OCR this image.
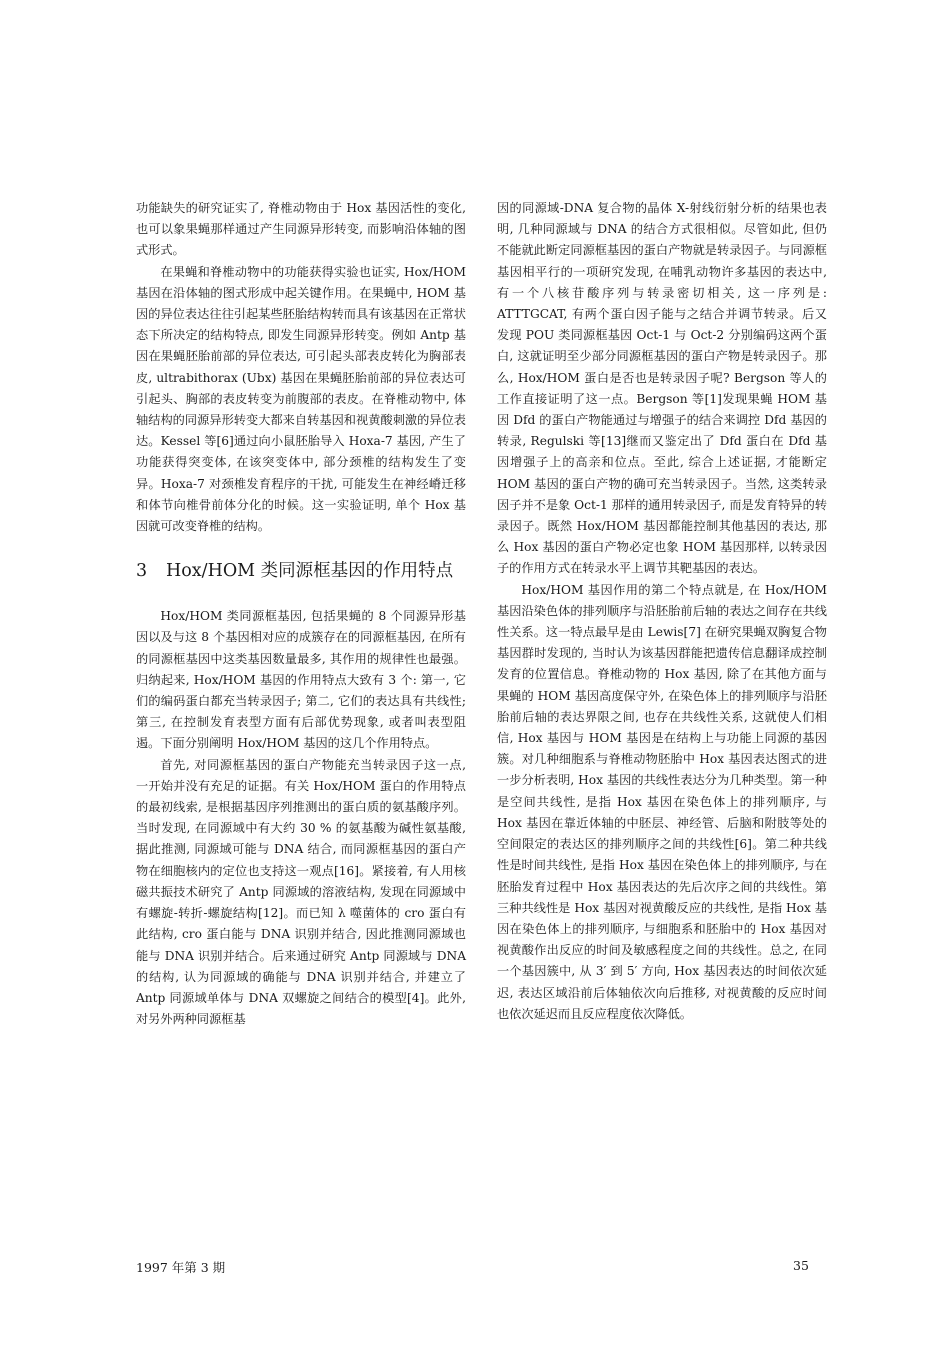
功能缺失的研究证实了, 脊椎动物由于 Hox 基因活性的变化, 也可以象果蝇那样通过产生同源异形转变, 而影响沿体轴的图式形式。

在果蝇和脊椎动物中的功能获得实验也证实, Hox/HOM 基因在沿体轴的图式形成中起关键作用。在果蝇中, HOM 基因的异位表达往往引起某些胚胎结构转而具有该基因在正常状态下所决定的结构特点, 即发生同源异形转变。例如 Antp 基因在果蝇胚胎前部的异位表达, 可引起头部表皮转化为胸部表皮, ultrabithorax (Ubx) 基因在果蝇胚胎前部的异位表达可引起头、胸部的表皮转变为前腹部的表皮。在脊椎动物中, 体轴结构的同源异形转变大都来自转基因和视黄酸刺激的异位表达。Kessel 等[6]通过向小鼠胚胎导入 Hoxa-7 基因, 产生了功能获得突变体, 在该突变体中, 部分颈椎的结构发生了变异。Hoxa-7 对颈椎发育程序的干扰, 可能发生在神经嵴迁移和体节向椎骨前体分化的时候。这一实验证明, 单个 Hox 基因就可改变脊椎的结构。

3	Hox/HOM 类同源框基因的作用特点

Hox/HOM 类同源框基因, 包括果蝇的 8 个同源异形基因以及与这 8 个基因相对应的成簇存在的同源框基因, 在所有的同源框基因中这类基因数量最多, 其作用的规律性也最强。归纳起来, Hox/HOM 基因的作用特点大致有 3 个: 第一, 它们的编码蛋白都充当转录因子; 第二, 它们的表达具有共线性; 第三, 在控制发育表型方面有后部优势现象, 或者叫表型阻遏。下面分别阐明 Hox/HOM 基因的这几个作用特点。

首先, 对同源框基因的蛋白产物能充当转录因子这一点, 一开始并没有充足的证据。有关 Hox/HOM 蛋白的作用特点的最初线索, 是根据基因序列推测出的蛋白质的氨基酸序列。当时发现, 在同源域中有大约 30 % 的氨基酸为碱性氨基酸, 据此推测, 同源域可能与 DNA 结合, 而同源框基因的蛋白产物在细胞核内的定位也支持这一观点[16]。紧接着, 有人用核磁共振技术研究了 Antp 同源域的溶液结构, 发现在同源域中有螺旋-转折-螺旋结构[12]。而已知 λ 噬菌体的 cro 蛋白有此结构, cro 蛋白能与 DNA 识别并结合, 因此推测同源域也能与 DNA 识别并结合。后来通过研究 Antp 同源域与 DNA 的结构, 认为同源域的确能与 DNA 识别并结合, 并建立了 Antp 同源域单体与 DNA 双螺旋之间结合的模型[4]。此外, 对另外两种同源框基

因的同源域-DNA 复合物的晶体 X-射线衍射分析的结果也表明, 几种同源域与 DNA 的结合方式很相似。尽管如此, 但仍不能就此断定同源框基因的蛋白产物就是转录因子。与同源框基因相平行的一项研究发现, 在哺乳动物许多基因的表达中, 有一个八核苷酸序列与转录密切相关, 这一序列是: ATTTGCAT, 有两个蛋白因子能与之结合并调节转录。后又发现 POU 类同源框基因 Oct-1 与 Oct-2 分别编码这两个蛋白, 这就证明至少部分同源框基因的蛋白产物是转录因子。那么, Hox/HOM 蛋白是否也是转录因子呢? Bergson 等人的工作直接证明了这一点。Bergson 等[1]发现果蝇 HOM 基因 Dfd 的蛋白产物能通过与增强子的结合来调控 Dfd 基因的转录, Regulski 等[13]继而又鉴定出了 Dfd 蛋白在 Dfd 基因增强子上的高亲和位点。至此, 综合上述证据, 才能断定 HOM 基因的蛋白产物的确可充当转录因子。当然, 这类转录因子并不是象 Oct-1 那样的通用转录因子, 而是发育特异的转录因子。既然 Hox/HOM 基因都能控制其他基因的表达, 那么 Hox 基因的蛋白产物必定也象 HOM 基因那样, 以转录因子的作用方式在转录水平上调节其靶基因的表达。

Hox/HOM 基因作用的第二个特点就是, 在 Hox/HOM 基因沿染色体的排列顺序与沿胚胎前后轴的表达之间存在共线性关系。这一特点最早是由 Lewis[7] 在研究果蝇双胸复合物基因群时发现的, 当时认为该基因群能把遗传信息翻译成控制发育的位置信息。脊椎动物的 Hox 基因, 除了在其他方面与果蝇的 HOM 基因高度保守外, 在染色体上的排列顺序与沿胚胎前后轴的表达界限之间, 也存在共线性关系, 这就使人们相信, Hox 基因与 HOM 基因是在结构上与功能上同源的基因簇。对几种细胞系与脊椎动物胚胎中 Hox 基因表达图式的进一步分析表明, Hox 基因的共线性表达分为几种类型。第一种是空间共线性, 是指 Hox 基因在染色体上的排列顺序, 与 Hox 基因在靠近体轴的中胚层、神经管、后脑和附肢等处的空间限定的表达区的排列顺序之间的共线性[6]。第二种共线性是时间共线性, 是指 Hox 基因在染色体上的排列顺序, 与在胚胎发育过程中 Hox 基因表达的先后次序之间的共线性。第三种共线性是 Hox 基因对视黄酸反应的共线性, 是指 Hox 基因在染色体上的排列顺序, 与细胞系和胚胎中的 Hox 基因对视黄酸作出反应的时间及敏感程度之间的共线性。总之, 在同一个基因簇中, 从 3′ 到 5′ 方向, Hox 基因表达的时间依次延迟, 表达区域沿前后体轴依次向后推移, 对视黄酸的反应时间也依次延迟而且反应程度依次降低。

1997 年第 3 期	35
